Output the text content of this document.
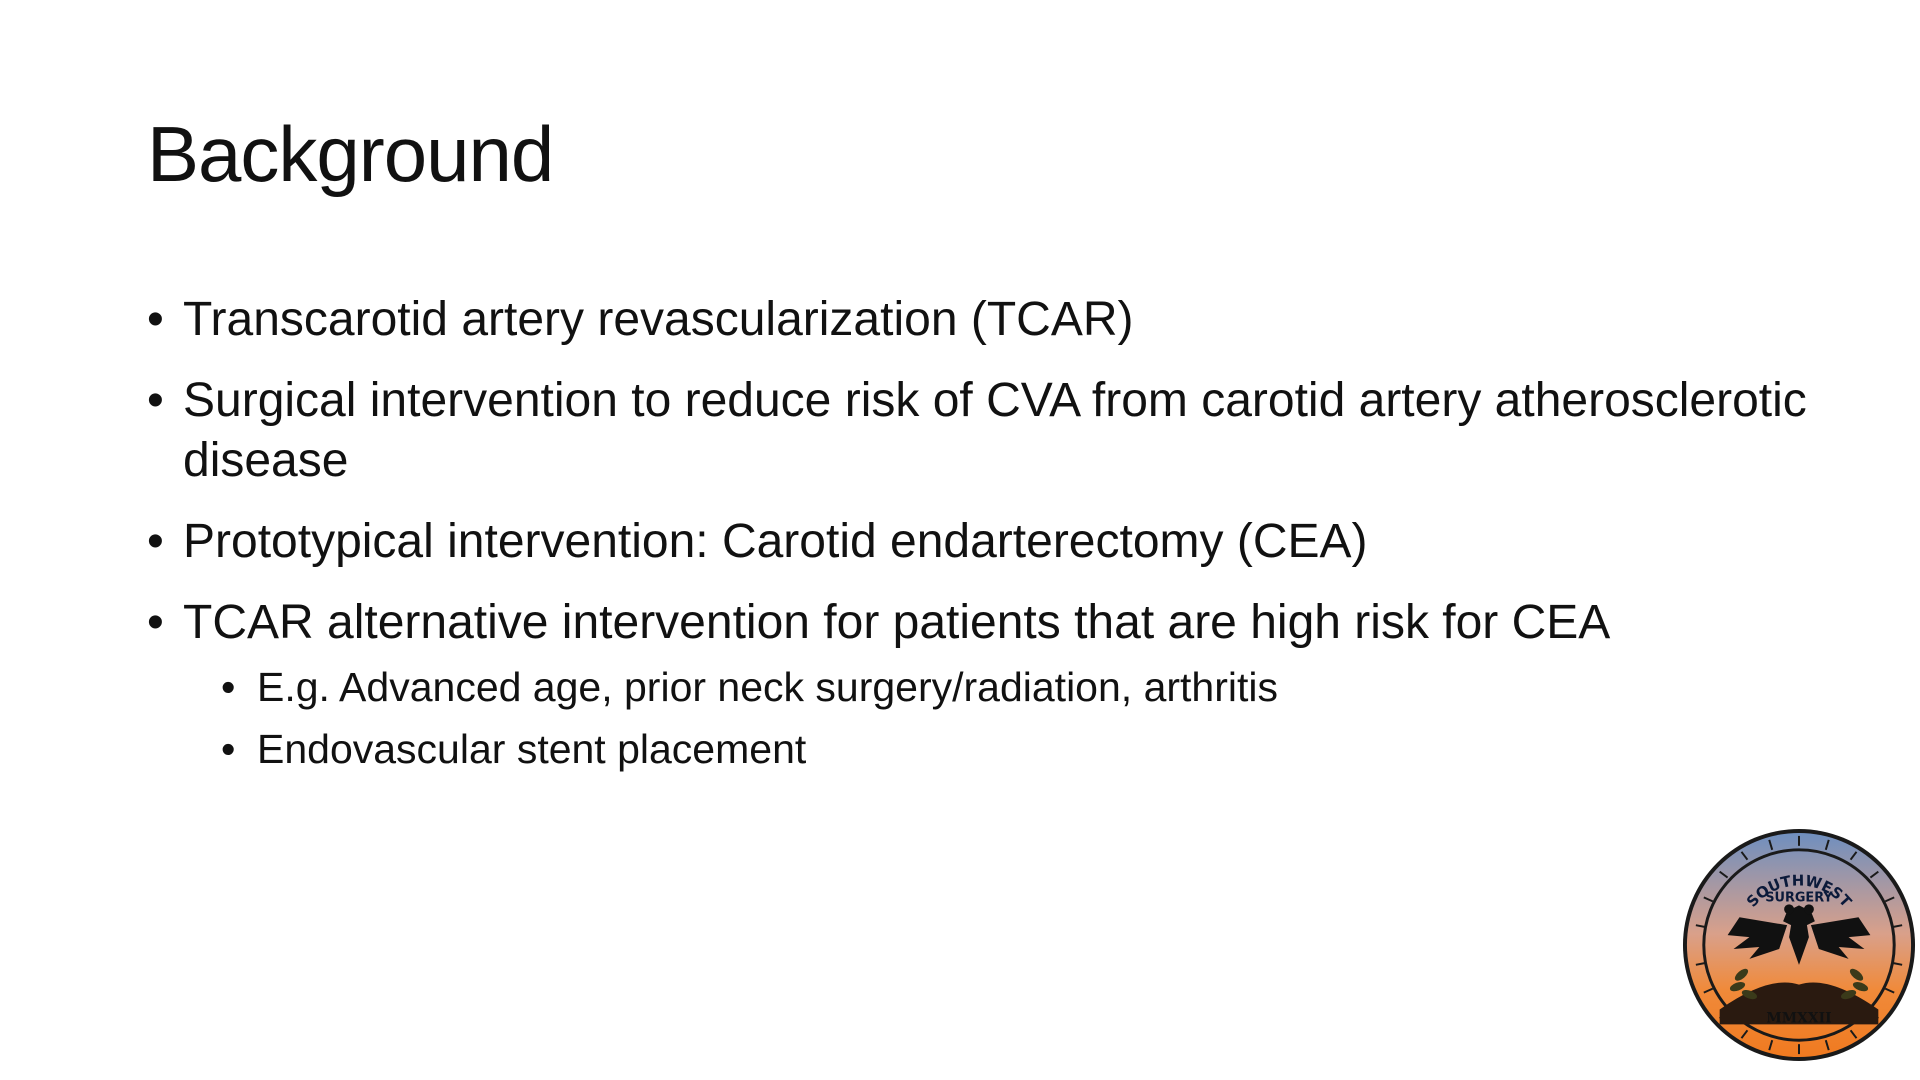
Background
• Transcarotid artery revascularization (TCAR)
• Surgical intervention to reduce risk of CVA from carotid artery atherosclerotic disease
• Prototypical intervention: Carotid endarterectomy (CEA)
• TCAR alternative intervention for patients that are high risk for CEA
• E.g. Advanced age, prior neck surgery/radiation, arthritis
• Endovascular stent placement
SOUTHWEST
SURGERY
MMXXII
